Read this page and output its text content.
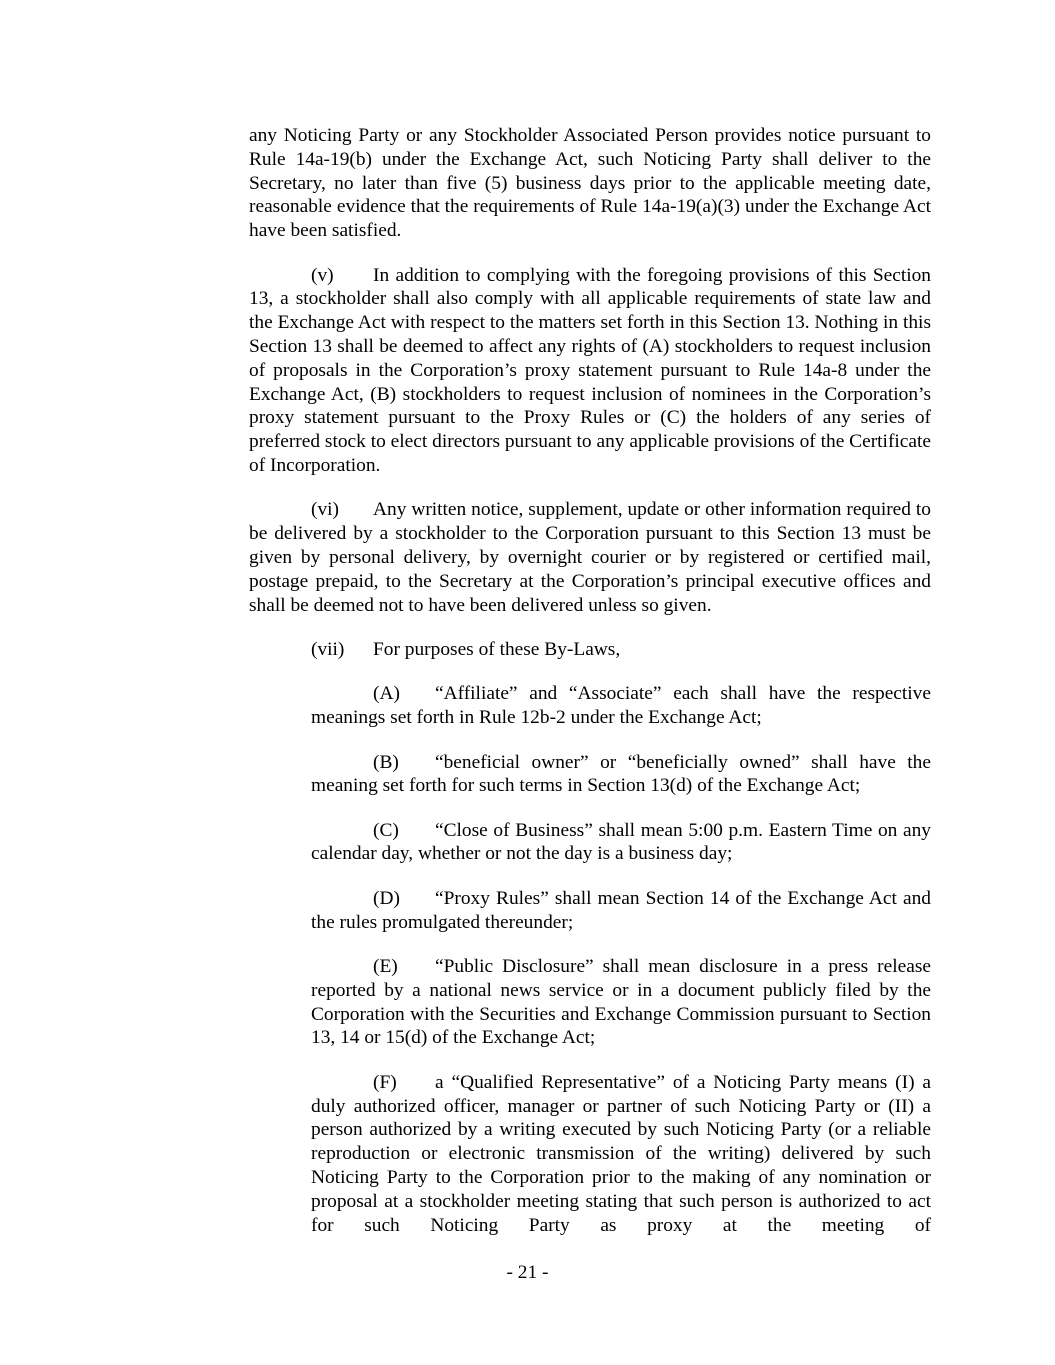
any Noticing Party or any Stockholder Associated Person provides notice pursuant to Rule 14a-19(b) under the Exchange Act, such Noticing Party shall deliver to the Secretary, no later than five (5) business days prior to the applicable meeting date, reasonable evidence that the requirements of Rule 14a-19(a)(3) under the Exchange Act have been satisfied.

(v) In addition to complying with the foregoing provisions of this Section 13, a stockholder shall also comply with all applicable requirements of state law and the Exchange Act with respect to the matters set forth in this Section 13. Nothing in this Section 13 shall be deemed to affect any rights of (A) stockholders to request inclusion of proposals in the Corporation’s proxy statement pursuant to Rule 14a-8 under the Exchange Act, (B) stockholders to request inclusion of nominees in the Corporation’s proxy statement pursuant to the Proxy Rules or (C) the holders of any series of preferred stock to elect directors pursuant to any applicable provisions of the Certificate of Incorporation.

(vi) Any written notice, supplement, update or other information required to be delivered by a stockholder to the Corporation pursuant to this Section 13 must be given by personal delivery, by overnight courier or by registered or certified mail, postage prepaid, to the Secretary at the Corporation’s principal executive offices and shall be deemed not to have been delivered unless so given.

(vii) For purposes of these By-Laws,

(A) “Affiliate” and “Associate” each shall have the respective meanings set forth in Rule 12b-2 under the Exchange Act;

(B) “beneficial owner” or “beneficially owned” shall have the meaning set forth for such terms in Section 13(d) of the Exchange Act;

(C) “Close of Business” shall mean 5:00 p.m. Eastern Time on any calendar day, whether or not the day is a business day;

(D) “Proxy Rules” shall mean Section 14 of the Exchange Act and the rules promulgated thereunder;

(E) “Public Disclosure” shall mean disclosure in a press release reported by a national news service or in a document publicly filed by the Corporation with the Securities and Exchange Commission pursuant to Section 13, 14 or 15(d) of the Exchange Act;

(F) a “Qualified Representative” of a Noticing Party means (I) a duly authorized officer, manager or partner of such Noticing Party or (II) a person authorized by a writing executed by such Noticing Party (or a reliable reproduction or electronic transmission of the writing) delivered by such Noticing Party to the Corporation prior to the making of any nomination or proposal at a stockholder meeting stating that such person is authorized to act for such Noticing Party as proxy at the meeting of

- 21 -
